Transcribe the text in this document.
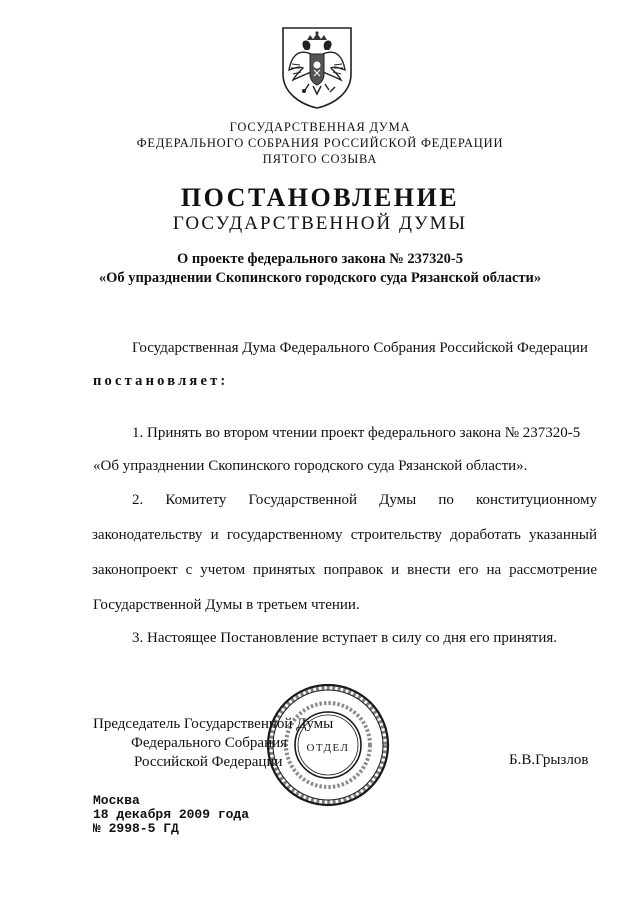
ГОСУДАРСТВЕННАЯ ДУМА
ФЕДЕРАЛЬНОГО СОБРАНИЯ РОССИЙСКОЙ ФЕДЕРАЦИИ
ПЯТОГО СОЗЫВА
ПОСТАНОВЛЕНИЕ
ГОСУДАРСТВЕННОЙ ДУМЫ
О проекте федерального закона № 237320-5
«Об упразднении Скопинского городского суда Рязанской области»
Государственная Дума Федерального Собрания Российской Федерации
постановляет:
1. Принять во втором чтении проект федерального закона № 237320-5
«Об упразднении Скопинского городского суда Рязанской области».
2. Комитету Государственной Думы по конституционному
законодательству и государственному строительству доработать указанный
законопроект с учетом принятых поправок и внести его на рассмотрение
Государственной Думы в третьем чтении.
3. Настоящее Постановление вступает в силу со дня его принятия.
Председатель Государственной Думы
Федерального Собрания
Российской Федерации	Б.В.Грызлов
ОТДЕЛ
Москва
18 декабря 2009 года
№ 2998-5 ГД
